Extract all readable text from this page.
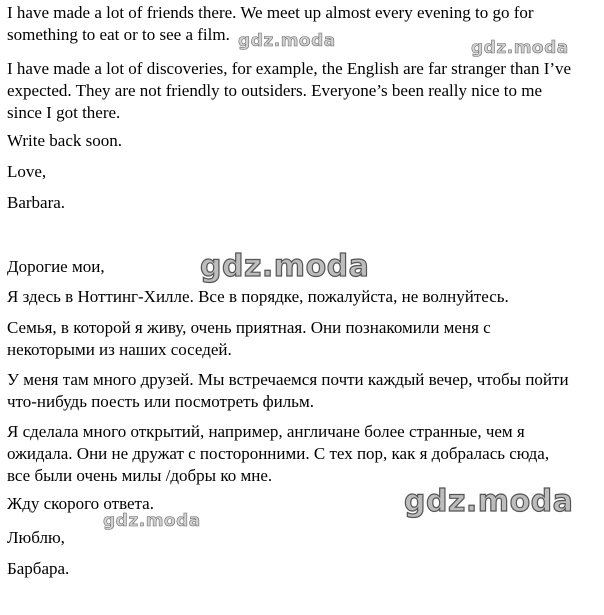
I have made a lot of friends there. We meet up almost every evening to go for
something to eat or to see a film.

I have made a lot of discoveries, for example, the English are far stranger than I’ve
expected. They are not friendly to outsiders. Everyone’s been really nice to me
since I got there.

Write back soon.

Love,

Barbara.

Дорогие мои,

Я здесь в Ноттинг-Хилле. Все в порядке, пожалуйста, не волнуйтесь.

Семья, в которой я живу, очень приятная. Они познакомили меня с
некоторыми из наших соседей.

У меня там много друзей. Мы встречаемся почти каждый вечер, чтобы пойти
что-нибудь поесть или посмотреть фильм.

Я сделала много открытий, например, англичане более странные, чем я
ожидала. Они не дружат с посторонними. С тех пор, как я добралась сюда,
все были очень милы /добры ко мне.

Жду скорого ответа.

Люблю,

Барбара.

gdz.moda	gdz.moda
gdz.moda
gdz.moda
gdz.moda
